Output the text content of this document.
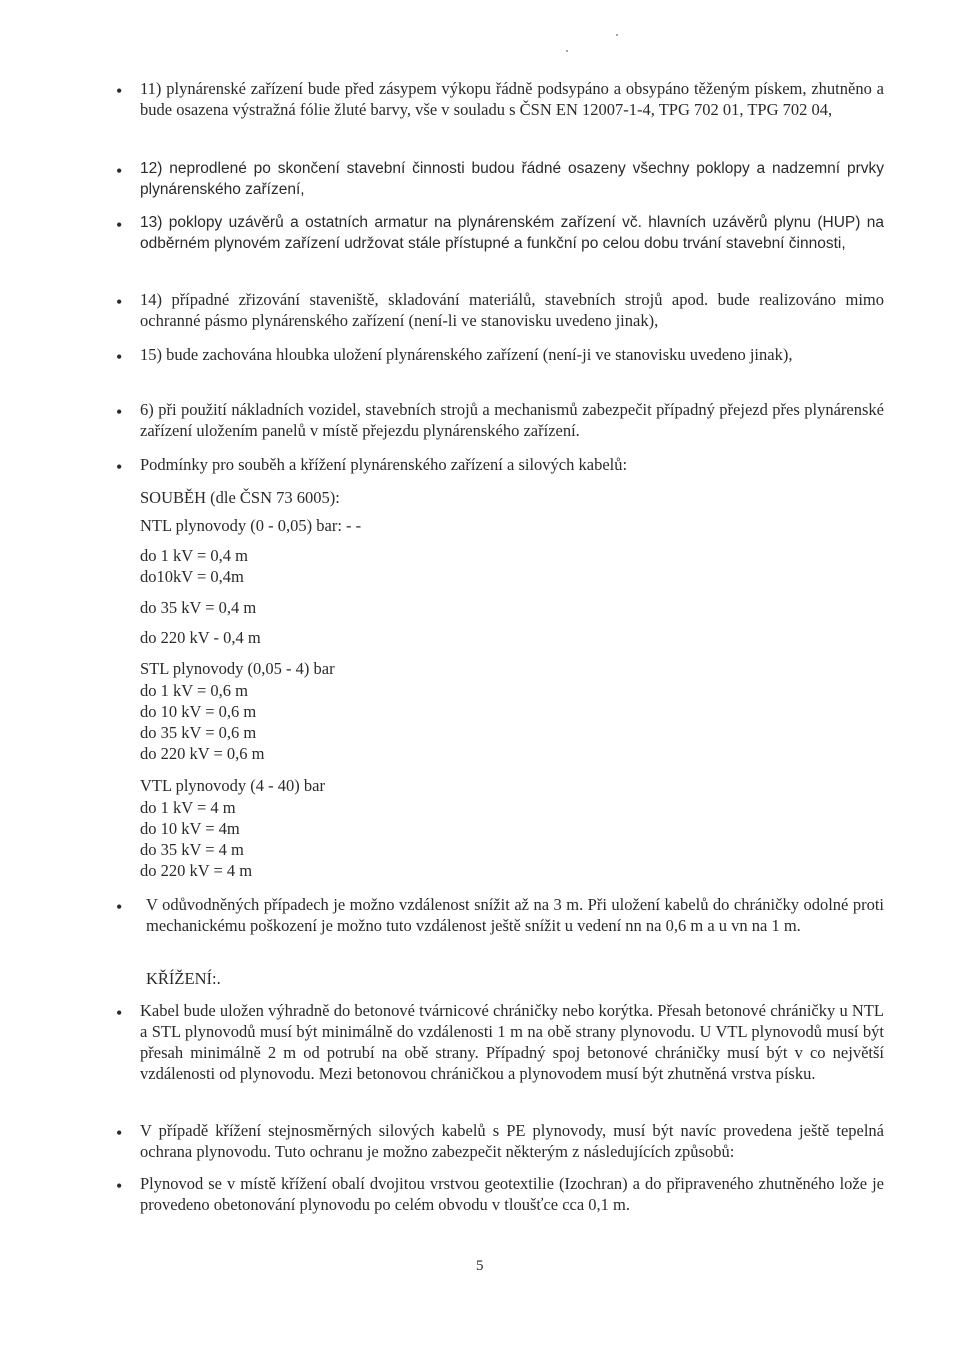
• 11) plynárenské zařízení bude před zásypem výkopu řádně podsypáno a obsypáno těženým pískem, zhutněno a bude osazena výstražná fólie žluté barvy, vše v souladu s ČSN EN 12007-1-4, TPG 702 01, TPG 702 04,
• 12) neprodlené po skončení stavební činnosti budou řádné osazeny všechny poklopy a nadzemní prvky plynárenského zařízení,
• 13) poklopy uzávěrů a ostatních armatur na plynárenském zařízení vč. hlavních uzávěrů plynu (HUP) na odběrném plynovém zařízení udržovat stále přístupné a funkční po celou dobu trvání stavební činnosti,
• 14) případné zřizování staveniště, skladování materiálů, stavebních strojů apod. bude realizováno mimo ochranné pásmo plynárenského zařízení (není-li ve stanovisku uvedeno jinak),
• 15) bude zachována hloubka uložení plynárenského zařízení (není-ji ve stanovisku uvedeno jinak),
• 6) při použití nákladních vozidel, stavebních strojů a mechanismů zabezpečit případný přejezd přes plynárenské zařízení uložením panelů v místě přejezdu plynárenského zařízení.
• Podmínky pro souběh a křížení plynárenského zařízení a silových kabelů:
SOUBĚH (dle ČSN 73 6005):
NTL plynovody (0 - 0,05) bar: - -
do 1 kV = 0,4 m
do10kV = 0,4m
do 35 kV = 0,4 m
do 220 kV - 0,4 m
STL plynovody (0,05 - 4) bar
do 1 kV = 0,6 m
do 10 kV = 0,6 m
do 35 kV = 0,6 m
do 220 kV = 0,6 m
VTL plynovody (4 - 40) bar
do 1 kV = 4 m
do 10 kV = 4m
do 35 kV = 4 m
do 220 kV = 4 m
• V odůvodněných případech je možno vzdálenost snížit až na 3 m. Při uložení kabelů do chráničky odolné proti mechanickému poškození je možno tuto vzdálenost ještě snížit u vedení nn na 0,6 m a u vn na 1 m.
KŘÍŽENÍ:.
• Kabel bude uložen výhradně do betonové tvárnicové chráničky nebo korýtka. Přesah betonové chráničky u NTL a STL plynovodů musí být minimálně do vzdálenosti 1 m na obě strany plynovodu. U VTL plynovodů musí být přesah minimálně 2 m od potrubí na obě strany. Případný spoj betonové chráničky musí být v co největší vzdálenosti od plynovodu. Mezi betonovou chráničkou a plynovodem musí být zhutněná vrstva písku.
• V případě křížení stejnosměrných silových kabelů s PE plynovody, musí být navíc provedena ještě tepelná ochrana plynovodu. Tuto ochranu je možno zabezpečit některým z následujících způsobů:
• Plynovod se v místě křížení obalí dvojitou vrstvou geotextilie (Izochran) a do připraveného zhutněného lože je provedeno obetonování plynovodu po celém obvodu v tloušťce cca 0,1 m.
5
